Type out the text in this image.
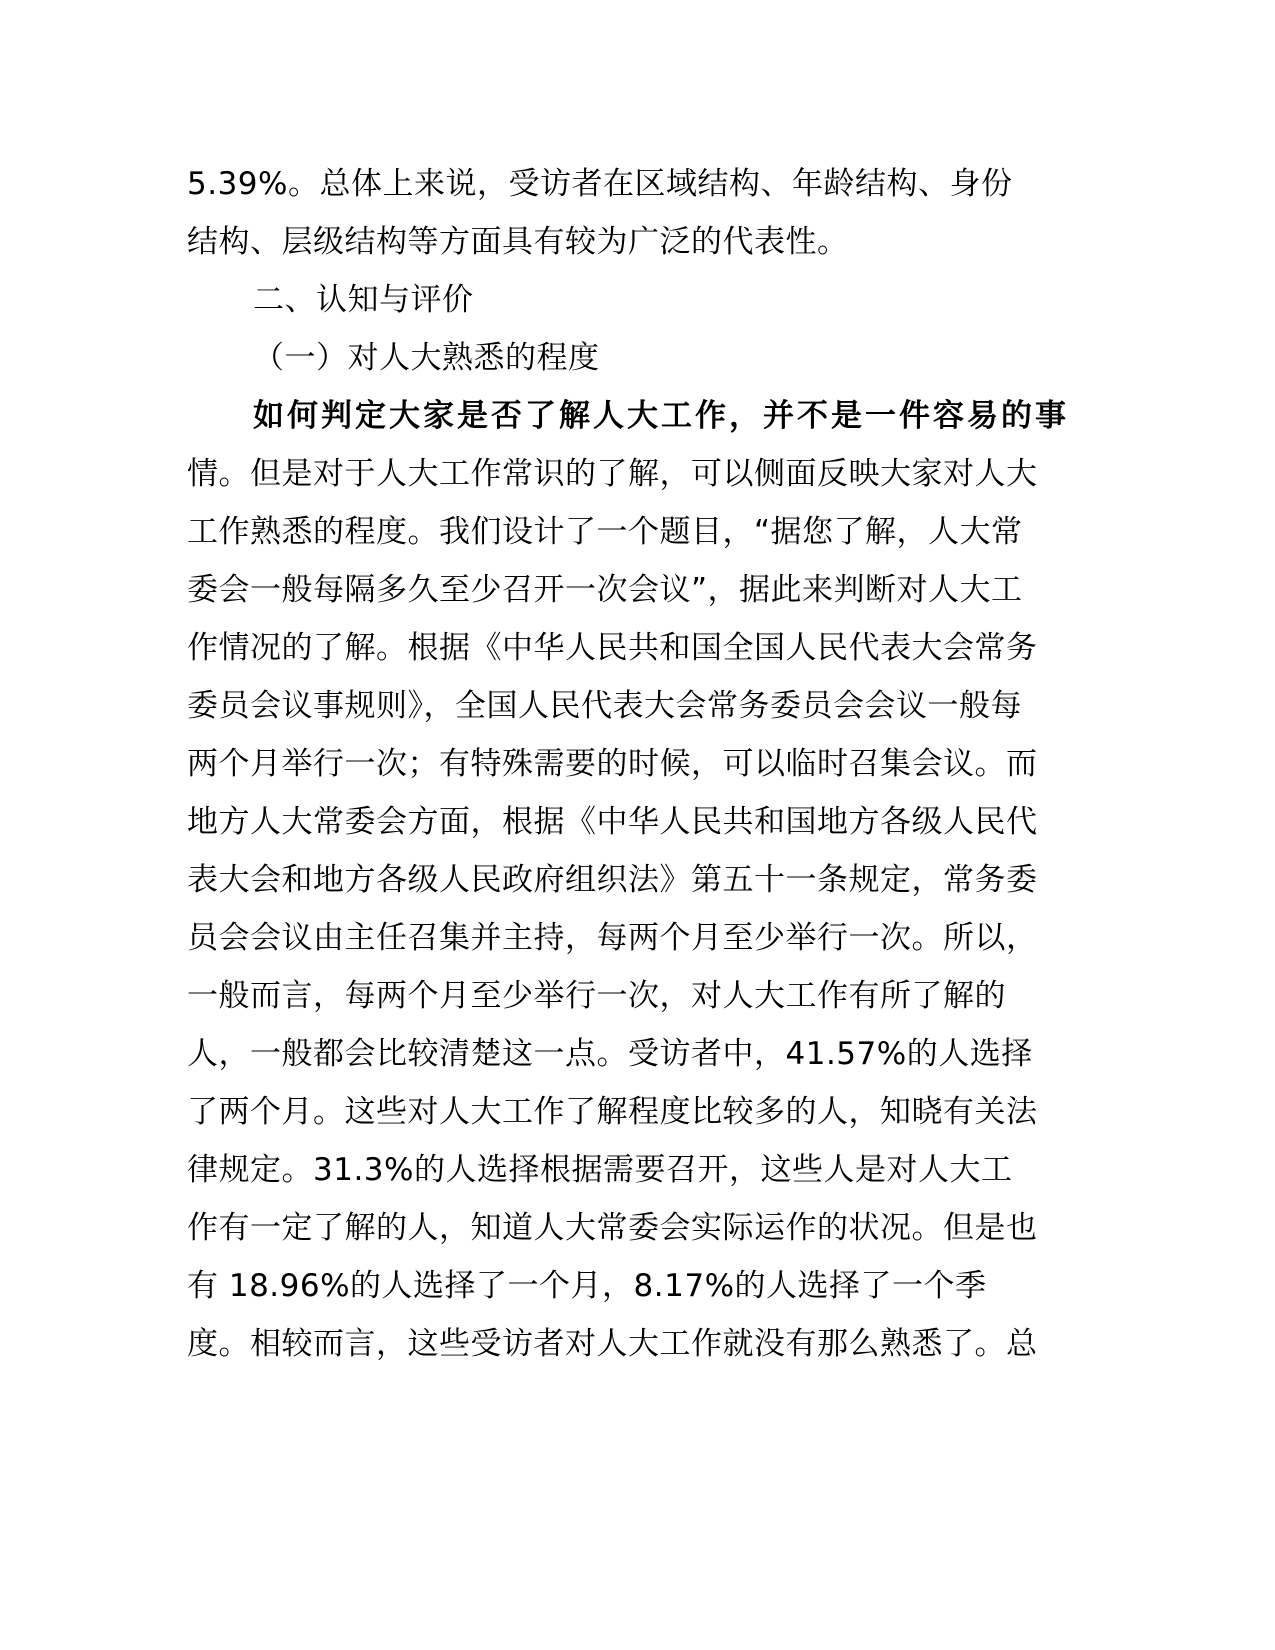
5.39%。总体上来说，受访者在区域结构、年龄结构、身份
结构、层级结构等方面具有较为广泛的代表性。
二、认知与评价
（一）对人大熟悉的程度
如何判定大家是否了解人大工作，并不是一件容易的事
情。但是对于人大工作常识的了解，可以侧面反映大家对人大
工作熟悉的程度。我们设计了一个题目，“据您了解，人大常
委会一般每隔多久至少召开一次会议”，据此来判断对人大工
作情况的了解。根据《中华人民共和国全国人民代表大会常务
委员会议事规则》，全国人民代表大会常务委员会会议一般每
两个月举行一次；有特殊需要的时候，可以临时召集会议。而
地方人大常委会方面，根据《中华人民共和国地方各级人民代
表大会和地方各级人民政府组织法》第五十一条规定，常务委
员会会议由主任召集并主持，每两个月至少举行一次。所以，
一般而言，每两个月至少举行一次，对人大工作有所了解的
人，一般都会比较清楚这一点。受访者中，41.57%的人选择
了两个月。这些对人大工作了解程度比较多的人，知晓有关法
律规定。31.3%的人选择根据需要召开，这些人是对人大工
作有一定了解的人，知道人大常委会实际运作的状况。但是也
有 18.96%的人选择了一个月，8.17%的人选择了一个季
度。相较而言，这些受访者对人大工作就没有那么熟悉了。总
